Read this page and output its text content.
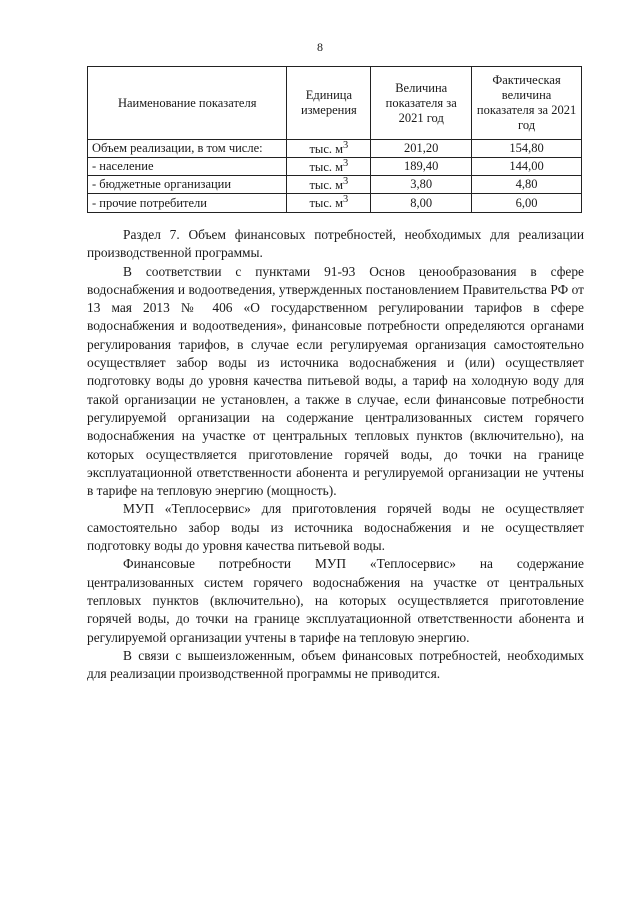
8
Наименование показателя	Единица измерения	Величина показателя за 2021 год	Фактическая величина показателя за 2021 год
Объем реализации, в том числе:	тыс. $м^3$	201,20	154,80
- население	тыс. $м^3$	189,40	144,00
- бюджетные организации	тыс. $м^3$	3,80	4,80
- прочие потребители	тыс. $м^3$	8,00	6,00

Раздел 7. Объем финансовых потребностей, необходимых для реализации производственной программы.

В соответствии с пунктами 91-93 Основ ценообразования в сфере водоснабжения и водоотведения, утвержденных постановлением Правительства РФ от 13 мая 2013 № 406 «О государственном регулировании тарифов в сфере водоснабжения и водоотведения», финансовые потребности определяются органами регулирования тарифов, в случае если регулируемая организация самостоятельно осуществляет забор воды из источника водоснабжения и (или) осуществляет подготовку воды до уровня качества питьевой воды, а тариф на холодную воду для такой организации не установлен, а также в случае, если финансовые потребности регулируемой организации на содержание централизованных систем горячего водоснабжения на участке от центральных тепловых пунктов (включительно), на которых осуществляется приготовление горячей воды, до точки на границе эксплуатационной ответственности абонента и регулируемой организации не учтены в тарифе на тепловую энергию (мощность).

МУП «Теплосервис» для приготовления горячей воды не осуществляет самостоятельно забор воды из источника водоснабжения и не осуществляет подготовку воды до уровня качества питьевой воды.

Финансовые потребности МУП «Теплосервис» на содержание централизованных систем горячего водоснабжения на участке от центральных тепловых пунктов (включительно), на которых осуществляется приготовление горячей воды, до точки на границе эксплуатационной ответственности абонента и регулируемой организации учтены в тарифе на тепловую энергию.

В связи с вышеизложенным, объем финансовых потребностей, необходимых для реализации производственной программы не приводится.
